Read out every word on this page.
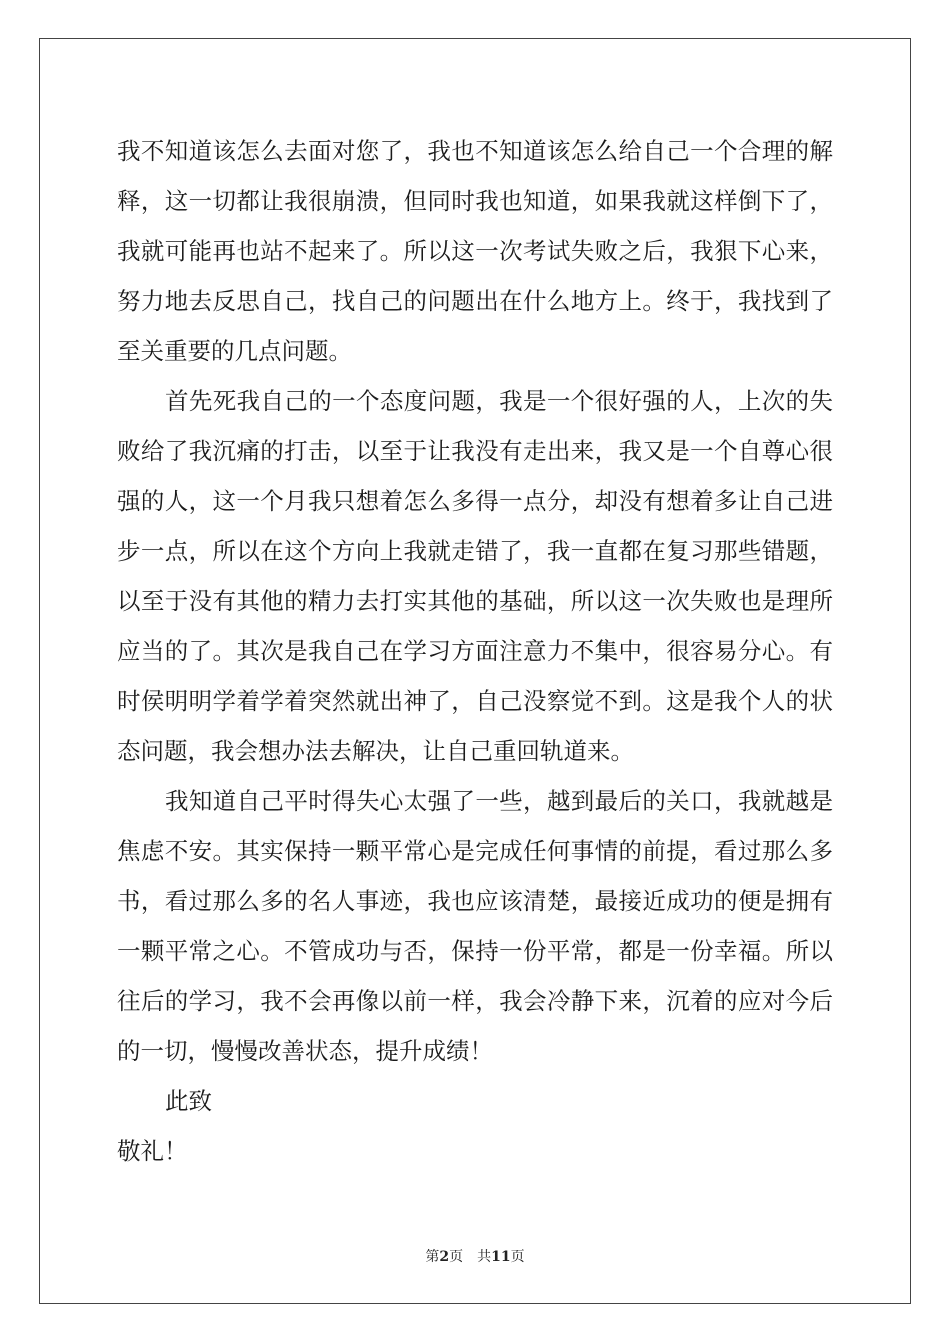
我不知道该怎么去面对您了，我也不知道该怎么给自己一个合理的解
释，这一切都让我很崩溃，但同时我也知道，如果我就这样倒下了，
我就可能再也站不起来了。所以这一次考试失败之后，我狠下心来，
努力地去反思自己，找自己的问题出在什么地方上。终于，我找到了
至关重要的几点问题。
首先死我自己的一个态度问题，我是一个很好强的人，上次的失
败给了我沉痛的打击，以至于让我没有走出来，我又是一个自尊心很
强的人，这一个月我只想着怎么多得一点分，却没有想着多让自己进
步一点，所以在这个方向上我就走错了，我一直都在复习那些错题，
以至于没有其他的精力去打实其他的基础，所以这一次失败也是理所
应当的了。其次是我自己在学习方面注意力不集中，很容易分心。有
时侯明明学着学着突然就出神了，自己没察觉不到。这是我个人的状
态问题，我会想办法去解决，让自己重回轨道来。
我知道自己平时得失心太强了一些，越到最后的关口，我就越是
焦虑不安。其实保持一颗平常心是完成任何事情的前提，看过那么多
书，看过那么多的名人事迹，我也应该清楚，最接近成功的便是拥有
一颗平常之心。不管成功与否，保持一份平常，都是一份幸福。所以
往后的学习，我不会再像以前一样，我会冷静下来，沉着的应对今后
的一切，慢慢改善状态，提升成绩！
此致
敬礼！
第2页 共11页
